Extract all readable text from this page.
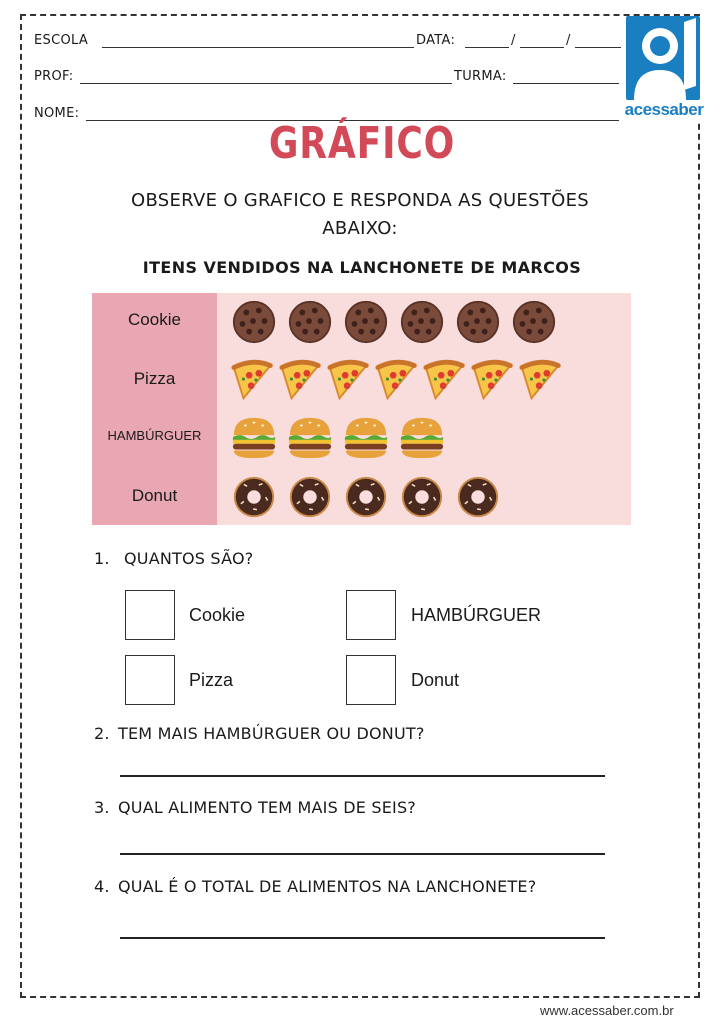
ESCOLA	DATA:	/	/
PROF:	TURMA:
NOME:	acessaber
GRÁFICO
OBSERVE O GRAFICO E RESPONDA AS QUESTÕES ABAIXO:
ITENS VENDIDOS NA LANCHONETE DE MARCOS
Cookie
Pizza
HAMBÚRGUER
Donut
1. QUANTOS SÃO?
Cookie	HAMBÚRGUER
Pizza	Donut
2. TEM MAIS HAMBÚRGUER OU DONUT?
3. QUAL ALIMENTO TEM MAIS DE SEIS?
4. QUAL É O TOTAL DE ALIMENTOS NA LANCHONETE?
www.acessaber.com.br
